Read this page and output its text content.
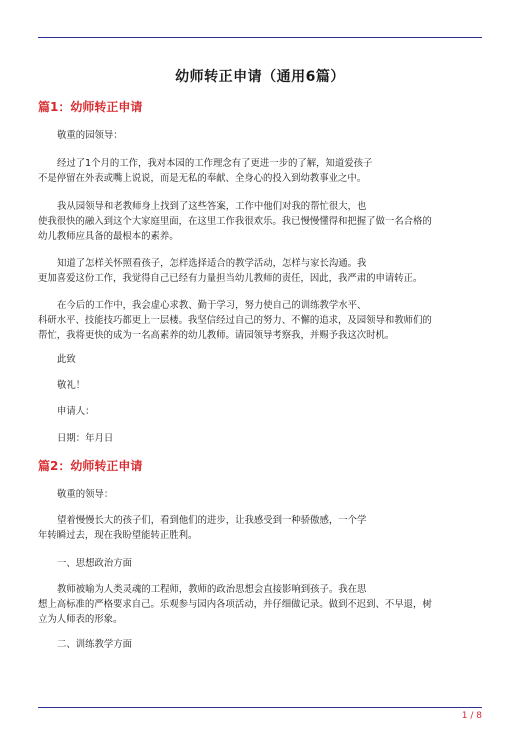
幼师转正申请（通用6篇）
篇1：幼师转正申请
敬重的园领导：
经过了1个月的工作，我对本园的工作理念有了更进一步的了解，知道爱孩子
不是停留在外表或嘴上说说，而是无私的奉献、全身心的投入到幼教事业之中。
我从园领导和老教师身上找到了这些答案，工作中他们对我的帮忙很大，也
使我很快的融入到这个大家庭里面，在这里工作我很欢乐。我已慢慢懂得和把握了做一名合格的
幼儿教师应具备的最根本的素养。
知道了怎样关怀照看孩子，怎样选择适合的教学活动，怎样与家长沟通。我
更加喜爱这份工作，我觉得自己已经有力量担当幼儿教师的责任，因此，我严肃的申请转正。
在今后的工作中，我会虚心求教、勤于学习，努力使自己的训练教学水平、
科研水平、技能技巧都更上一层楼。我坚信经过自己的努力、不懈的追求，及园领导和教师们的
帮忙，我将更快的成为一名高素养的幼儿教师。请园领导考察我，并赐予我这次时机。
此致
敬礼！
申请人：
日期：年月日
篇2：幼师转正申请
敬重的领导：
望着慢慢长大的孩子们，看到他们的进步，让我感受到一种骄傲感，一个学
年转瞬过去，现在我盼望能转正胜利。
一、思想政治方面
教师被喻为人类灵魂的工程师，教师的政治思想会直接影响到孩子。我在思
想上高标准的严格要求自己。乐观参与园内各项活动，并仔细做记录。做到不迟到、不早退，树
立为人师表的形象。
二、训练教学方面
1 / 8
